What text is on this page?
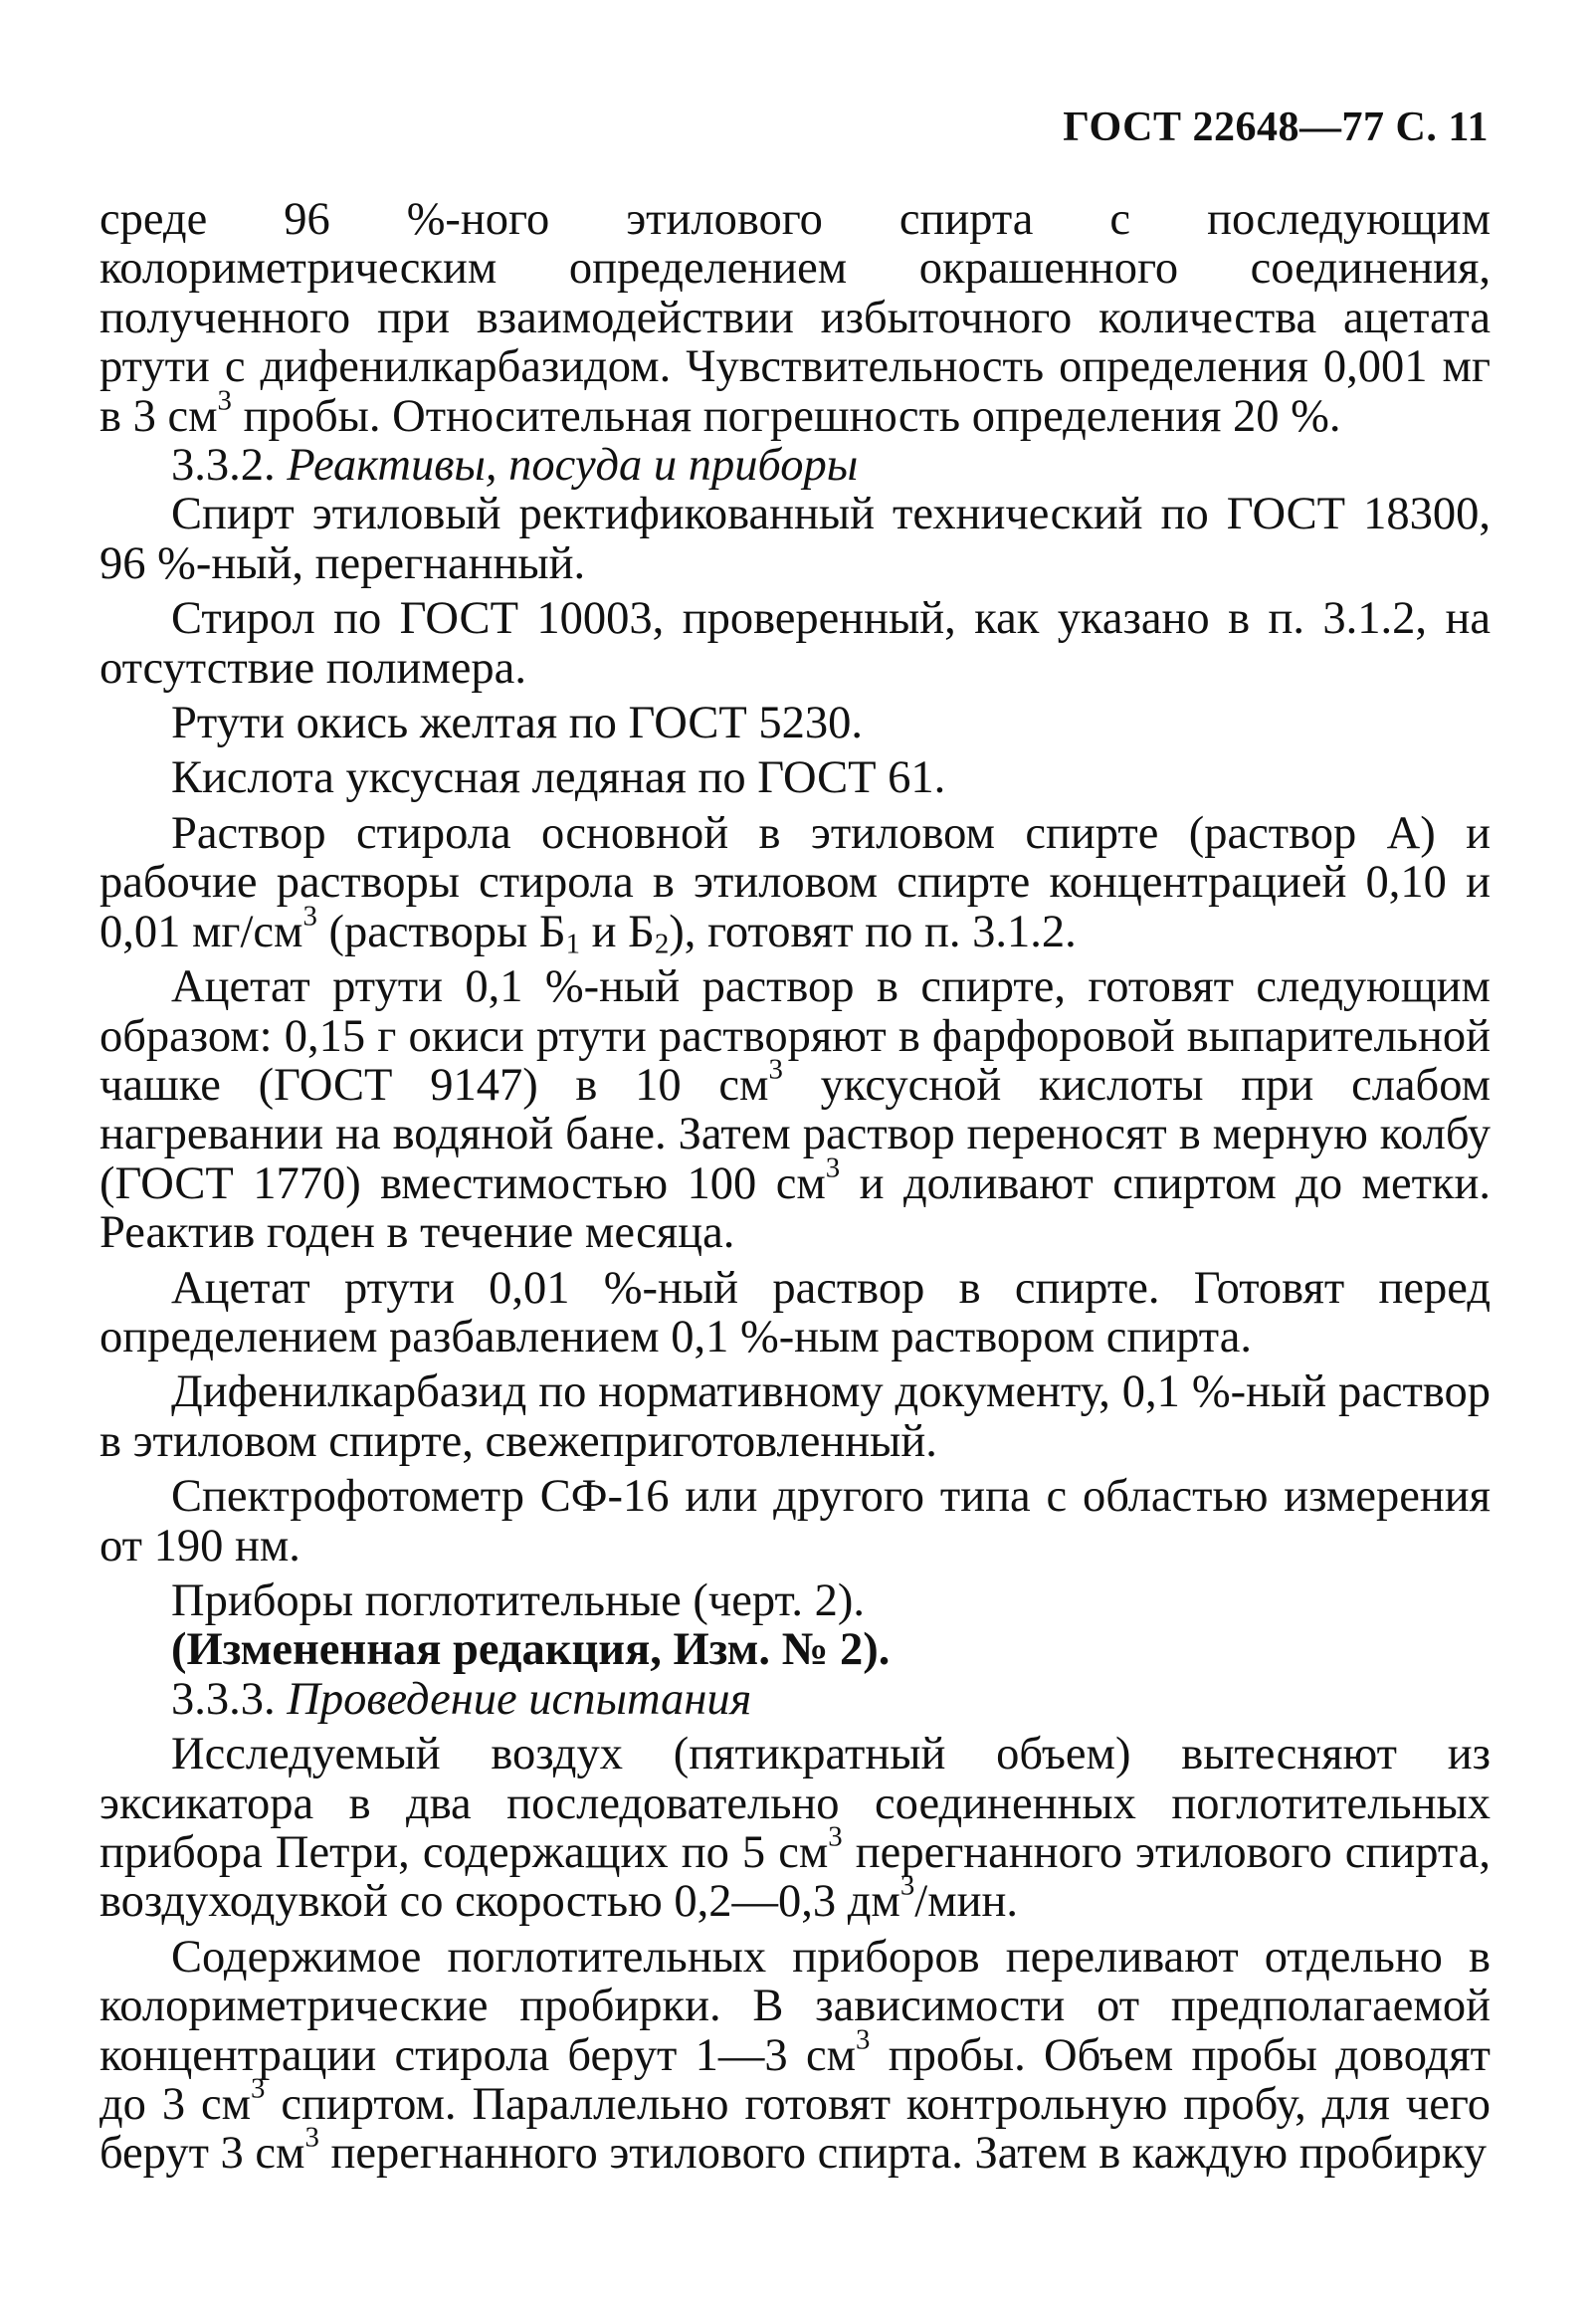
ГОСТ 22648—77 С. 11

среде 96 %-ного этилового спирта с последующим колориметрическим определением окрашенного соединения, полученного при взаимодействии избыточного количества ацетата ртути с дифенилкарбазидом. Чувствительность определения 0,001 мг в 3 $см^3$ пробы. Относительная погрешность определения 20 %.

3.3.2. Реактивы, посуда и приборы

Спирт этиловый ректификованный технический по ГОСТ 18300, 96 %-ный, перегнанный.

Стирол по ГОСТ 10003, проверенный, как указано в п. 3.1.2, на отсутствие полимера.

Ртути окись желтая по ГОСТ 5230.

Кислота уксусная ледяная по ГОСТ 61.

Раствор стирола основной в этиловом спирте (раствор А) и рабочие растворы стирола в этиловом спирте концентрацией 0,10 и 0,01 $мг/см^3$ (растворы $Б_1$ и $Б_2$), готовят по п. 3.1.2.

Ацетат ртути 0,1 %-ный раствор в спирте, готовят следующим образом: 0,15 г окиси ртути растворяют в фарфоровой выпарительной чашке (ГОСТ 9147) в 10 $см^3$ уксусной кислоты при слабом нагревании на водяной бане. Затем раствор переносят в мерную колбу (ГОСТ 1770) вместимостью 100 $см^3$ и доливают спиртом до метки. Реактив годен в течение месяца.

Ацетат ртути 0,01 %-ный раствор в спирте. Готовят перед определением разбавлением 0,1 %-ным раствором спирта.

Дифенилкарбазид по нормативному документу, 0,1 %-ный раствор в этиловом спирте, свежеприготовленный.

Спектрофотометр СФ-16 или другого типа с областью измерения от 190 нм.

Приборы поглотительные (черт. 2).

(Измененная редакция, Изм. № 2).

3.3.3. Проведение испытания

Исследуемый воздух (пятикратный объем) вытесняют из эксикатора в два последовательно соединенных поглотительных прибора Петри, содержащих по 5 $см^3$ перегнанного этилового спирта, воздуходувкой со скоростью 0,2—0,3 $дм^3$/мин.

Содержимое поглотительных приборов переливают отдельно в колориметрические пробирки. В зависимости от предполагаемой концентрации стирола берут 1—3 $см^3$ пробы. Объем пробы доводят до 3 $см^3$ спиртом. Параллельно готовят контрольную пробу, для чего берут 3 $см^3$ перегнанного этилового спирта. Затем в каждую пробирку
